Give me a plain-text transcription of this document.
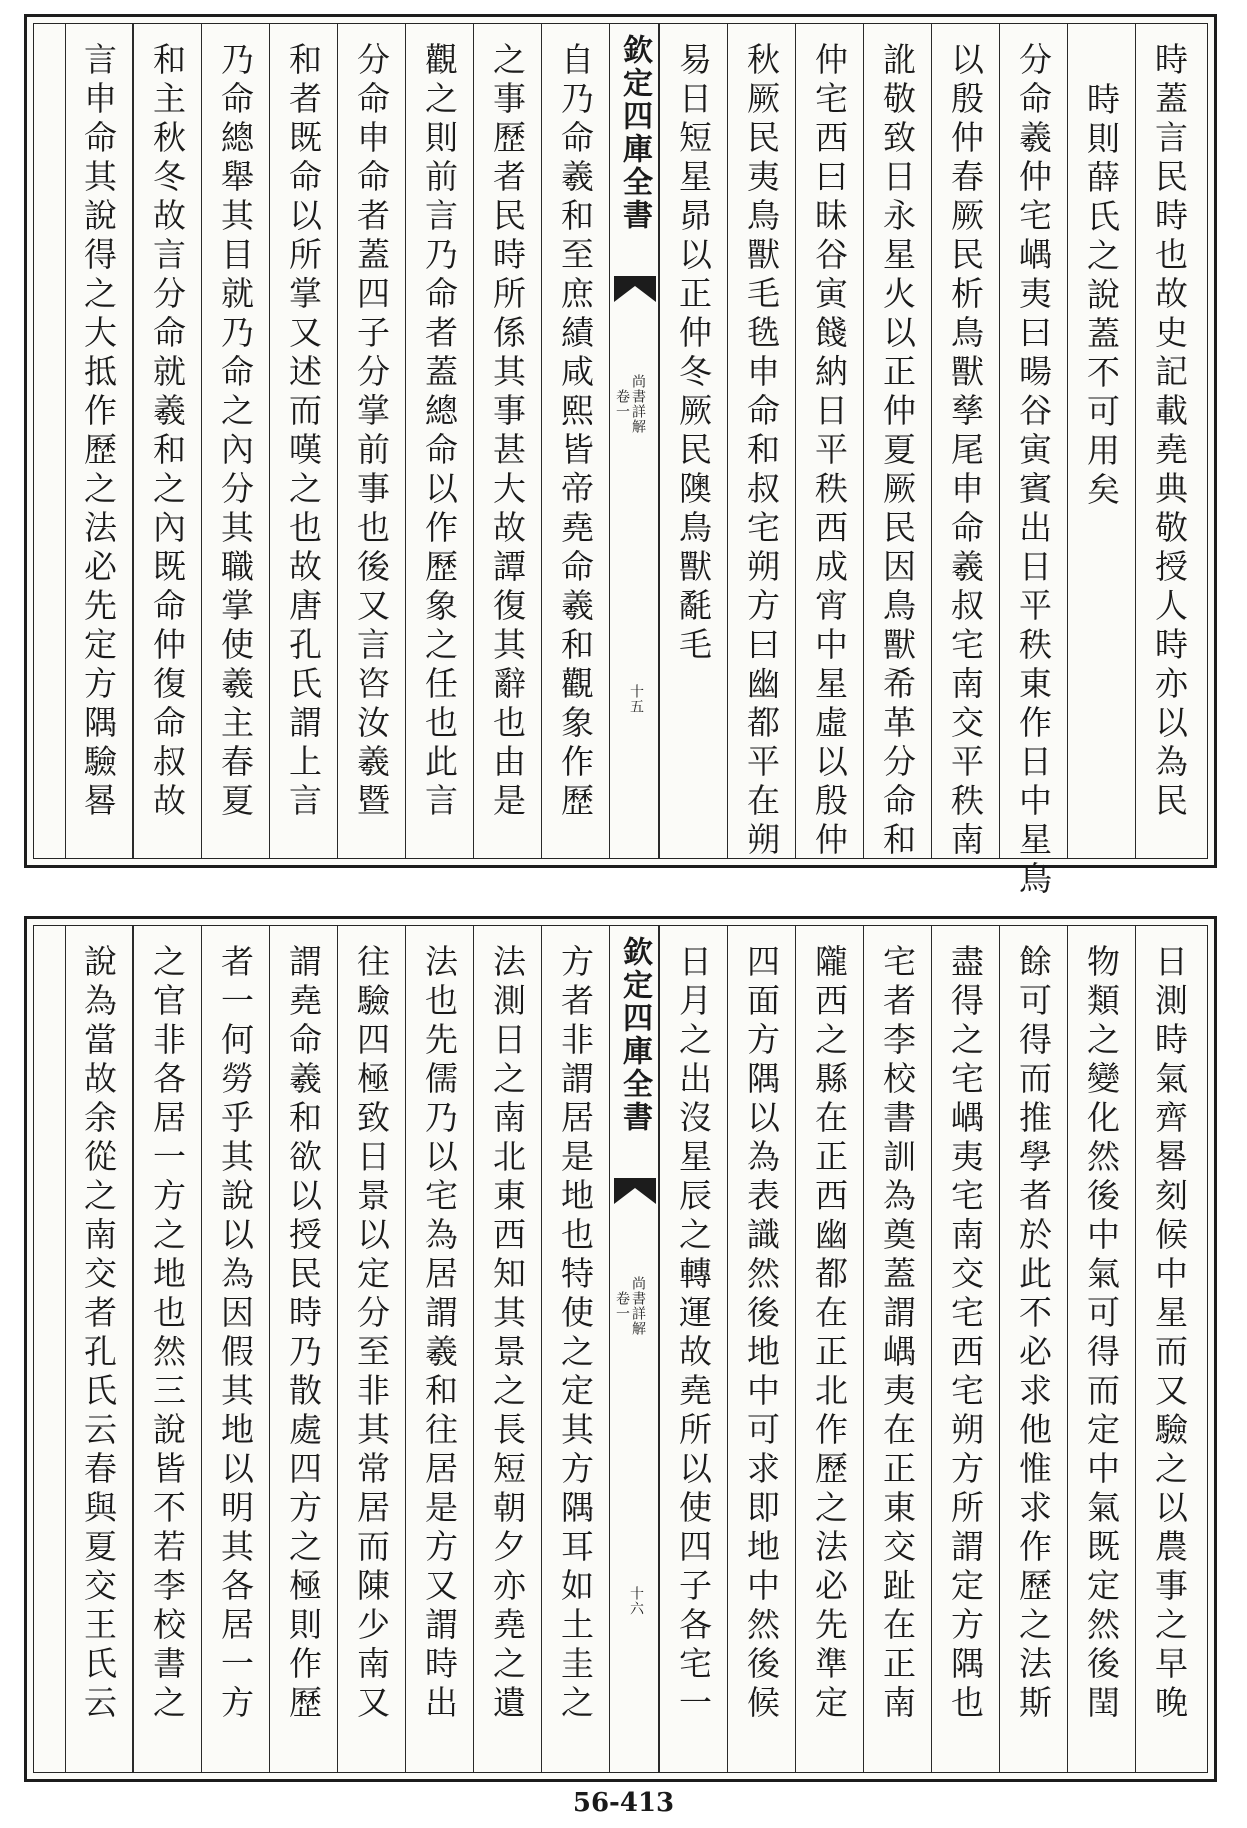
時蓋言民時也故史記載堯典敬授人時亦以為民
時則薛氏之說蓋不可用矣
分命羲仲宅嵎夷曰暘谷寅賓出日平秩東作日中星鳥
以殷仲春厥民析鳥獸孳尾申命羲叔宅南交平秩南
訛敬致日永星火以正仲夏厥民因鳥獸希革分命和
仲宅西曰昧谷寅餞納日平秩西成宵中星虛以殷仲
秋厥民夷鳥獸毛毨申命和叔宅朔方曰幽都平在朔
易日短星昴以正仲冬厥民隩鳥獸氄毛
欽定四庫全書
尚書詳解
卷一
十五
自乃命羲和至庶績咸熙皆帝堯命羲和觀象作歷
之事歷者民時所係其事甚大故譚復其辭也由是
觀之則前言乃命者蓋總命以作歷象之任也此言
分命申命者蓋四子分掌前事也後又言咨汝羲暨
和者既命以所掌又述而嘆之也故唐孔氏謂上言
乃命總舉其目就乃命之內分其職掌使羲主春夏
和主秋冬故言分命就羲和之內既命仲復命叔故
言申命其說得之大抵作歷之法必先定方隅驗晷
日測時氣齊晷刻候中星而又驗之以農事之早晚
物類之變化然後中氣可得而定中氣既定然後閏
餘可得而推學者於此不必求他惟求作歷之法斯
盡得之宅嵎夷宅南交宅西宅朔方所謂定方隅也
宅者李校書訓為奠蓋謂嵎夷在正東交趾在正南
隴西之縣在正西幽都在正北作歷之法必先準定
四面方隅以為表識然後地中可求即地中然後候
日月之出沒星辰之轉運故堯所以使四子各宅一
欽定四庫全書
尚書詳解
卷一
十六
方者非謂居是地也特使之定其方隅耳如土圭之
法測日之南北東西知其景之長短朝夕亦堯之遺
法也先儒乃以宅為居謂羲和往居是方又謂時出
往驗四極致日景以定分至非其常居而陳少南又
謂堯命羲和欲以授民時乃散處四方之極則作歷
者一何勞乎其說以為因假其地以明其各居一方
之官非各居一方之地也然三說皆不若李校書之
說為當故余從之南交者孔氏云春與夏交王氏云
56-413
